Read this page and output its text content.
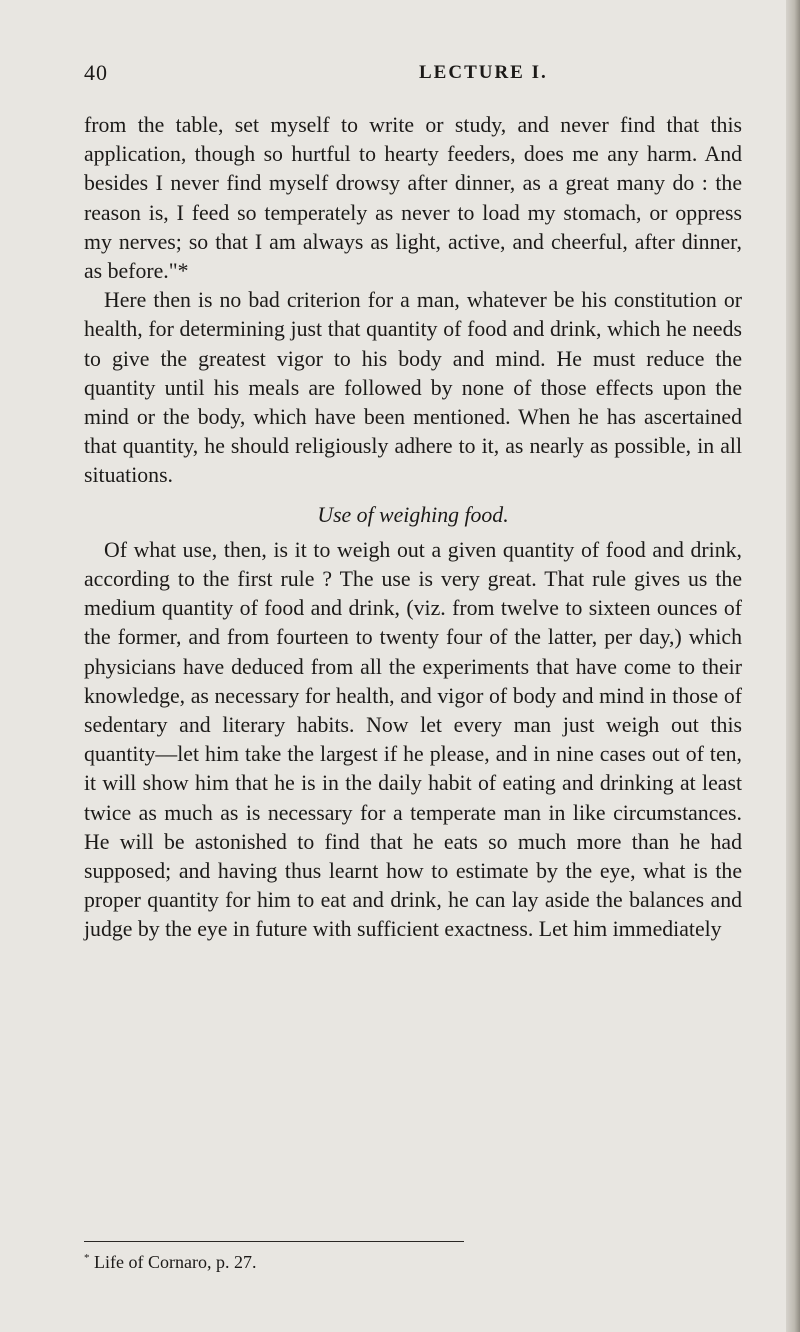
40	LECTURE I.

from the table, set myself to write or study, and never find that this application, though so hurtful to hearty feeders, does me any harm. And besides I never find myself drowsy after dinner, as a great many do : the reason is, I feed so temperately as never to load my stomach, or oppress my nerves; so that I am always as light, active, and cheerful, after dinner, as before."*

Here then is no bad criterion for a man, whatever be his constitution or health, for determining just that quantity of food and drink, which he needs to give the greatest vigor to his body and mind. He must reduce the quantity until his meals are followed by none of those effects upon the mind or the body, which have been mentioned. When he has ascertained that quantity, he should religiously adhere to it, as nearly as possible, in all situations.

Use of weighing food.

Of what use, then, is it to weigh out a given quantity of food and drink, according to the first rule ? The use is very great. That rule gives us the medium quantity of food and drink, (viz. from twelve to sixteen ounces of the former, and from fourteen to twenty four of the latter, per day,) which physicians have deduced from all the experiments that have come to their knowledge, as necessary for health, and vigor of body and mind in those of sedentary and literary habits. Now let every man just weigh out this quantity—let him take the largest if he please, and in nine cases out of ten, it will show him that he is in the daily habit of eating and drinking at least twice as much as is necessary for a temperate man in like circumstances. He will be astonished to find that he eats so much more than he had supposed; and having thus learnt how to estimate by the eye, what is the proper quantity for him to eat and drink, he can lay aside the balances and judge by the eye in future with sufficient exactness. Let him immediately

* Life of Cornaro, p. 27.
